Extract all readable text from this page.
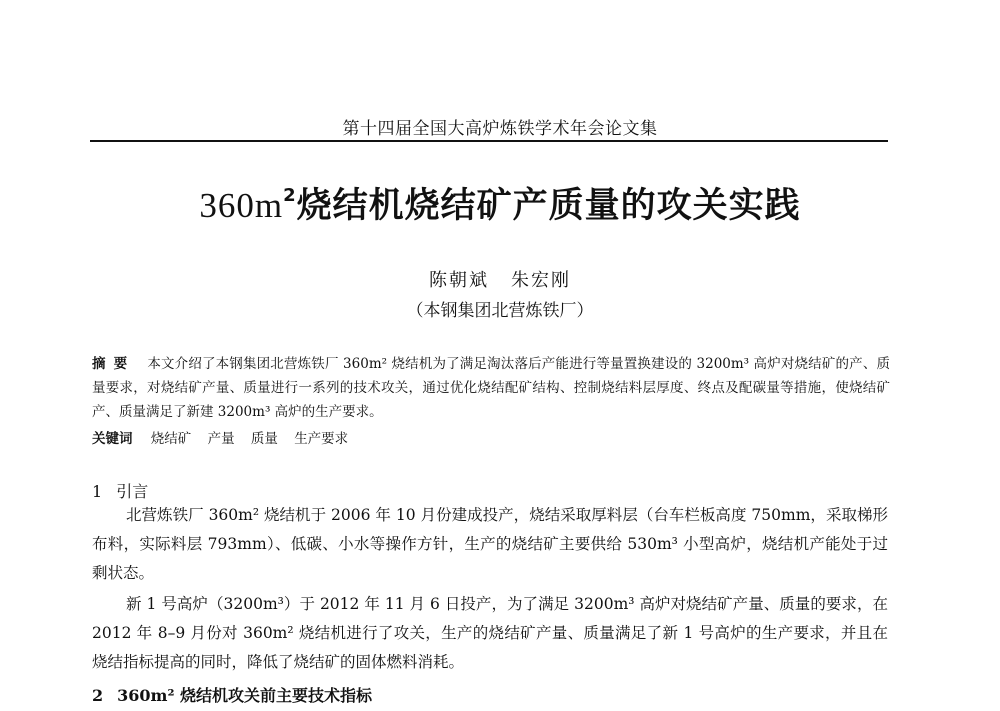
第十四届全国大高炉炼铁学术年会论文集
$360m^2$烧结机烧结矿产质量的攻关实践
陈朝斌 朱宏刚
（本钢集团北营炼铁厂）
摘要 本文介绍了本钢集团北营炼铁厂 360m² 烧结机为了满足淘汰落后产能进行等量置换建设的 3200m³ 高炉对烧结矿的产、质量要求，对烧结矿产量、质量进行一系列的技术攻关，通过优化烧结配矿结构、控制烧结料层厚度、终点及配碳量等措施，使烧结矿产、质量满足了新建 3200m³ 高炉的生产要求。
关键词 烧结矿 产量 质量 生产要求
1 引言
北营炼铁厂 360m² 烧结机于 2006 年 10 月份建成投产，烧结采取厚料层（台车栏板高度 750mm，采取梯形布料，实际料层 793mm）、低碳、小水等操作方针，生产的烧结矿主要供给 530m³ 小型高炉，烧结机产能处于过剩状态。
新 1 号高炉（3200m³）于 2012 年 11 月 6 日投产，为了满足 3200m³ 高炉对烧结矿产量、质量的要求，在 2012 年 8–9 月份对 360m² 烧结机进行了攻关，生产的烧结矿产量、质量满足了新 1 号高炉的生产要求，并且在烧结指标提高的同时，降低了烧结矿的固体燃料消耗。
2 360m² 烧结机攻关前主要技术指标
